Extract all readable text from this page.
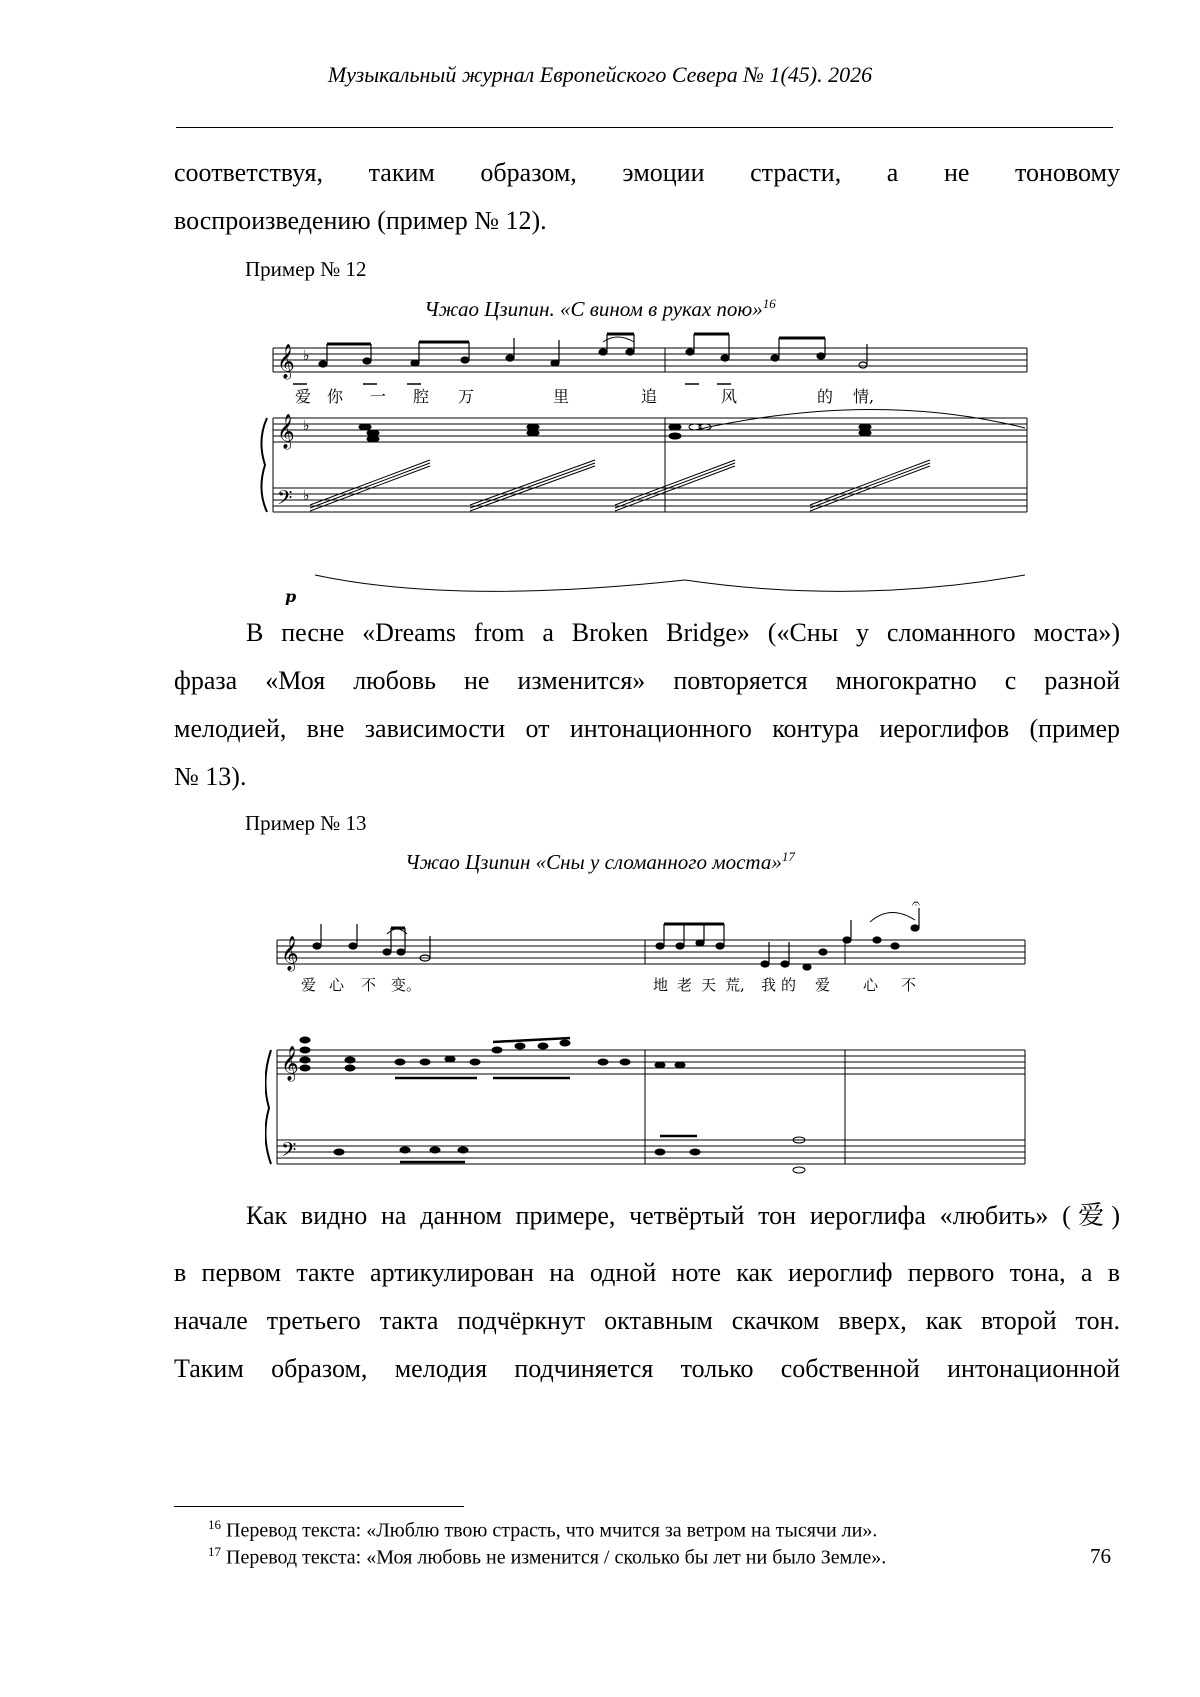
Музыкальный журнал Европейского Севера № 1(45). 2026
соответствуя, таким образом, эмоции страсти, а не тоновому
воспроизведению (пример № 12).
Пример № 12
Чжао Цзипин. «С вином в руках пою»$^{16}$
𝄞 ♭
爱 你 一 腔 万	里	追	风	的 情,
𝄞 ♭
𝄢 ♭
p
В песне «Dreams from a Broken Bridge» («Сны у сломанного моста»)
фраза «Моя любовь не изменится» повторяется многократно с разной
мелодией, вне зависимости от интонационного контура иероглифов (пример
№ 13).
Пример № 13
Чжао Цзипин «Сны у сломанного моста»$^{17}$
𝄞
𝄐
爱 心 不 变。	地 老 天 荒, 我 的 爱 心 不
𝄞
𝄢
Как видно на данном примере, четвёртый тон иероглифа «любить» (爱)
в первом такте артикулирован на одной ноте как иероглиф первого тона, а в
начале третьего такта подчёркнут октавным скачком вверх, как второй тон.
Таким образом, мелодия подчиняется только собственной интонационной
$^{16}$ Перевод текста: «Люблю твою страсть, что мчится за ветром на тысячи ли».
$^{17}$ Перевод текста: «Моя любовь не изменится / сколько бы лет ни было Земле».	76
